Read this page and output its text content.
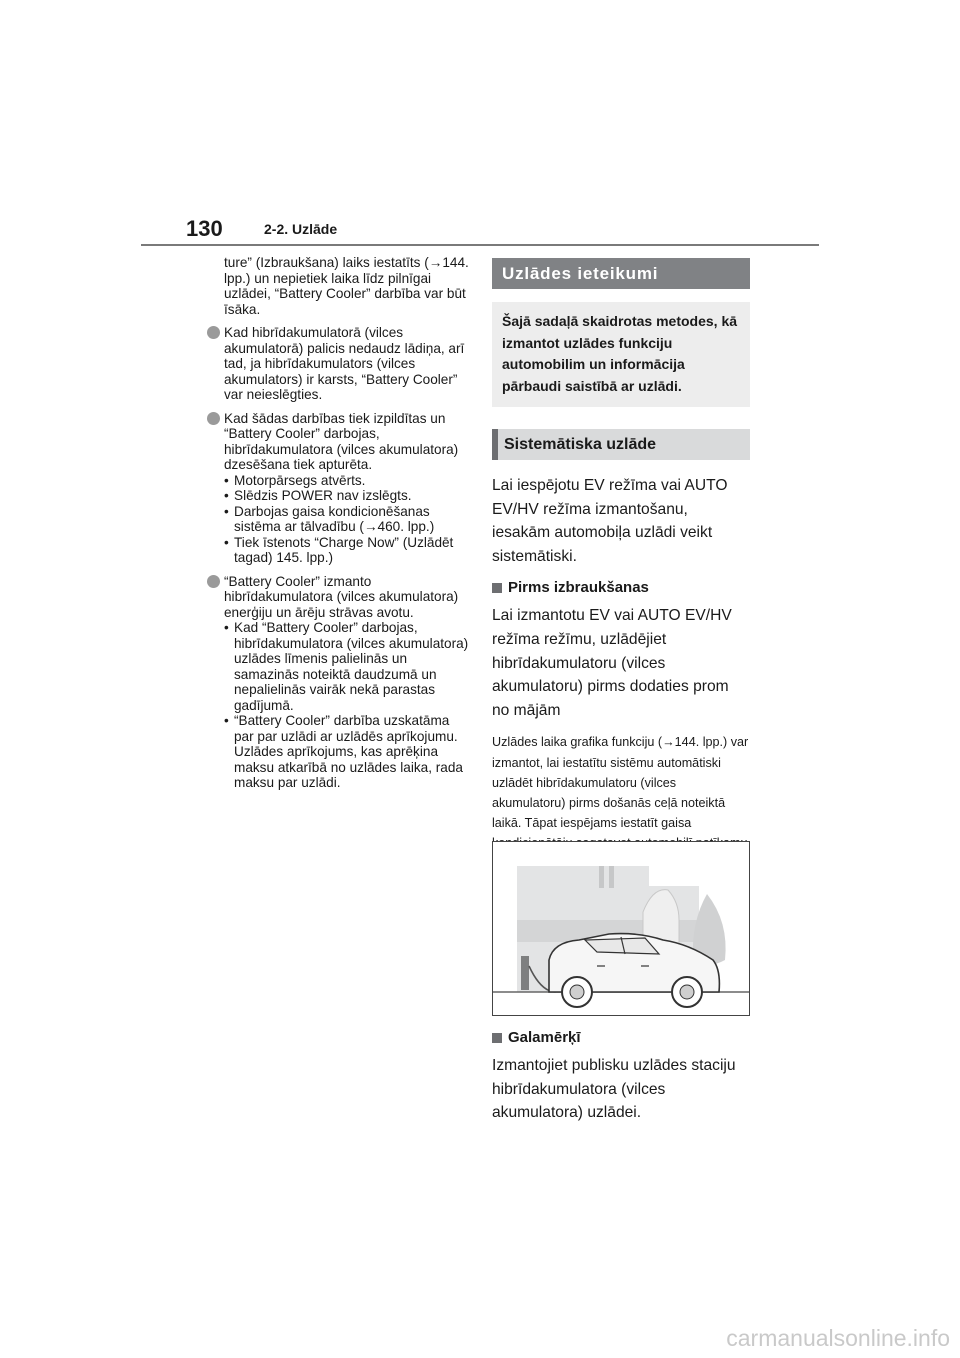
130	2-2. Uzlāde

ture” (Izbraukšana) laiks iestatīts (→144. lpp.) un nepietiek laika līdz pilnīgai uzlādei, “Battery Cooler” darbība var būt īsāka.

Kad hibrīdakumulatorā (vilces akumulatorā) palicis nedaudz lādiņa, arī tad, ja hibrīdakumulators (vilces akumulators) ir karsts, “Battery Cooler” var neieslēgties.

Kad šādas darbības tiek izpildītas un “Battery Cooler” darbojas, hibrīdakumulatora (vilces akumulatora) dzesēšana tiek apturēta.

• Motorpārsegs atvērts.

• Slēdzis POWER nav izslēgts.

• Darbojas gaisa kondicionēšanas sistēma ar tālvadību (→460. lpp.)

• Tiek īstenots “Charge Now” (Uzlādēt tagad) 145. lpp.)

“Battery Cooler” izmanto hibrīdakumulatora (vilces akumulatora) enerģiju un ārēju strāvas avotu.

• Kad “Battery Cooler” darbojas, hibrīdakumulatora (vilces akumulatora) uzlādes līmenis palielinās un samazinās noteiktā daudzumā un nepalielinās vairāk nekā parastas gadījumā.

• “Battery Cooler” darbība uzskatāma par par uzlādi ar uzlādēs aprīkojumu. Uzlādes aprīkojums, kas aprēķina maksu atkarībā no uzlādes laika, rada maksu par uzlādi.

Uzlādes ieteikumi
Šajā sadaļā skaidrotas metodes, kā izmantot uzlādes funkciju automobilim un informācija pārbaudi saistībā ar uzlādi.
Sistemātiska uzlāde

Lai iespējotu EV režīma vai AUTO EV/HV režīma izmantošanu, iesakām automobiļa uzlādi veikt sistemātiski.

Pirms izbraukšanas

Lai izmantotu EV vai AUTO EV/HV režīma režīmu, uzlādējiet hibrīdakumulatoru (vilces akumulatoru) pirms dodaties prom no mājām

Uzlādes laika grafika funkciju (→144. lpp.) var izmantot, lai iestatītu sistēmu automātiski uzlādēt hibrīdakumulatoru (vilces akumulatoru) pirms došanās ceļā noteiktā laikā. Tāpat iespējams iestatīt gaisa

Galamērķī

Izmantojiet publisku uzlādes staciju hibrīdakumulatora (vilces akumulatora) uzlādei.

carmanualsonline.info
